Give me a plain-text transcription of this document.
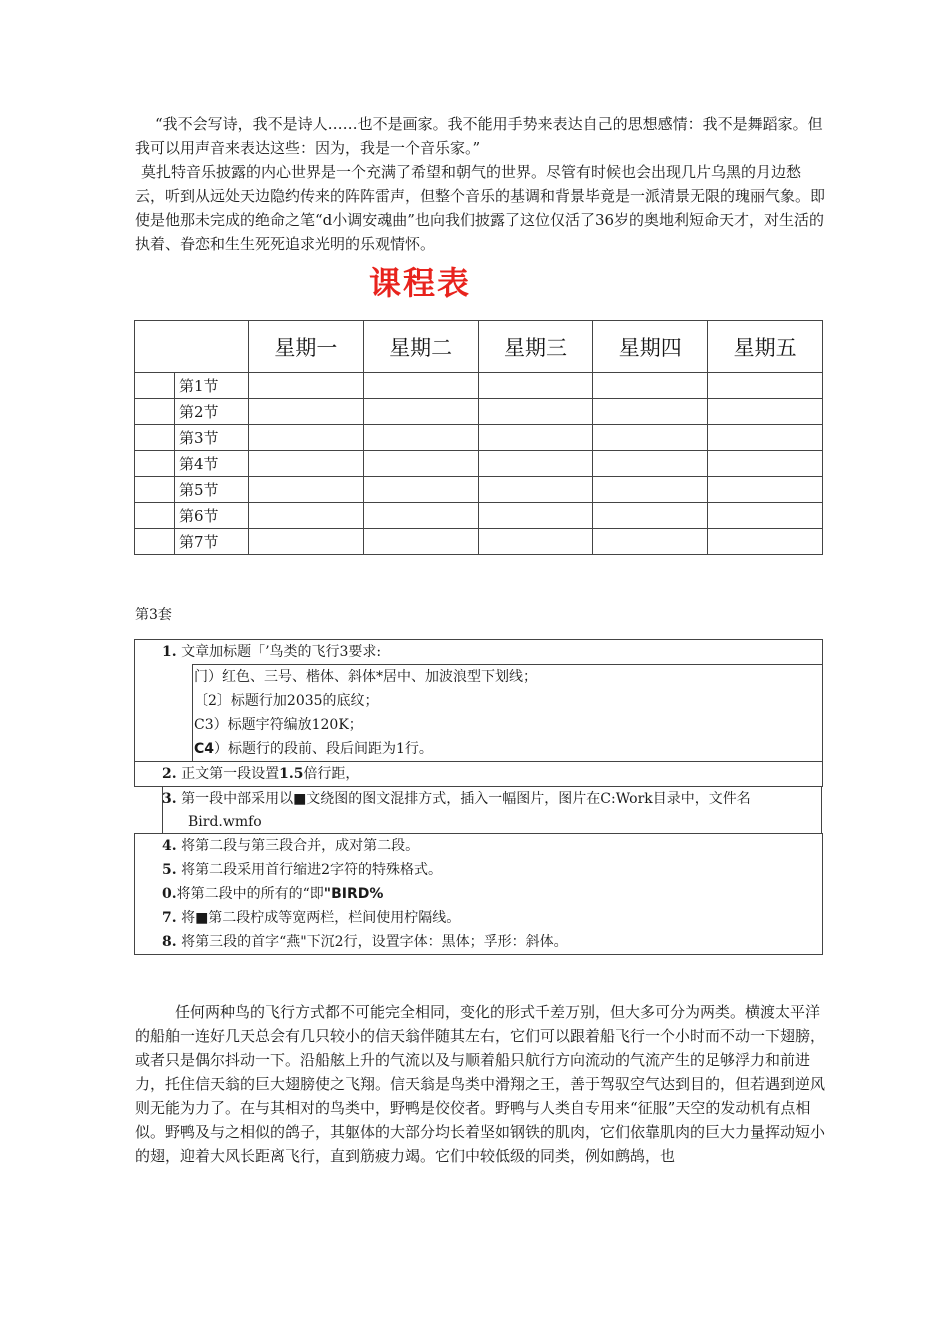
“我不会写诗，我不是诗人……也不是画家。我不能用手势来表达自己的思想感情：我不是舞蹈家。但我可以用声音来表达这些：因为，我是一个音乐家。”

莫扎特音乐披露的内心世界是一个充满了希望和朝气的世界。尽管有时候也会出现几片乌黑的月边愁云，听到从远处天边隐约传来的阵阵雷声，但整个音乐的基调和背景毕竟是一派清景无限的瑰丽气象。即使是他那未完成的绝命之笔“d小调安魂曲”也向我们披露了这位仅活了36岁的奥地利短命天才，对生活的执着、眷恋和生生死死追求光明的乐观情怀。

课程表
		星期一	星期二	星期三	星期四	星期五
	第1节					
	第2节					
	第3节					
	第4节					
	第5节					
	第6节					
	第7节					
第3套
1. 文章加标题「’鸟类的飞行3要求:
门）红色、三号、楷体、斜体*居中、加波浪型下划线；
〔2〕标题行加2035的底纹；
C3）标题宇符编放120K；
C4）标题行的段前、段后间距为1行。
2. 正文第一段设置1.5倍行距，
3. 第一段中部采用以■文绕图的图文混排方式，插入一幅图片，图片在C:Work目录中，文件名
Bird.wmfo
4. 将第二段与第三段合并，成对第二段。
5. 将第二段采用首行缩进2字符的特殊格式。
0.将第二段中的所有的“即"BIRD%
7. 将■第二段柠成等宽两栏，栏间使用柠隔线。
8. 将第三段的首字“燕"下沉2行，设置字体：黒体；孚形：斜体。

任何两种鸟的飞行方式都不可能完全相同，变化的形式千差万别，但大多可分为两类。横渡太平洋的船舶一连好几天总会有几只较小的信天翁伴随其左右，它们可以跟着船飞行一个小时而不动一下翅膀，或者只是偶尔抖动一下。沿船舷上升的气流以及与顺着船只航行方向流动的气流产生的足够浮力和前进力，托住信天翁的巨大翅膀使之飞翔。信天翁是鸟类中滑翔之王，善于驾驭空气达到目的，但若遇到逆风则无能为力了。在与其相对的鸟类中，野鸭是佼佼者。野鸭与人类自专用来“征服”天空的发动机有点相似。野鸭及与之相似的鸽子，其躯体的大部分均长着坚如钢铁的肌肉，它们依靠肌肉的巨大力量挥动短小的翅，迎着大风长距离飞行，直到筋疲力竭。它们中较低级的同类，例如鹧鸪，也
